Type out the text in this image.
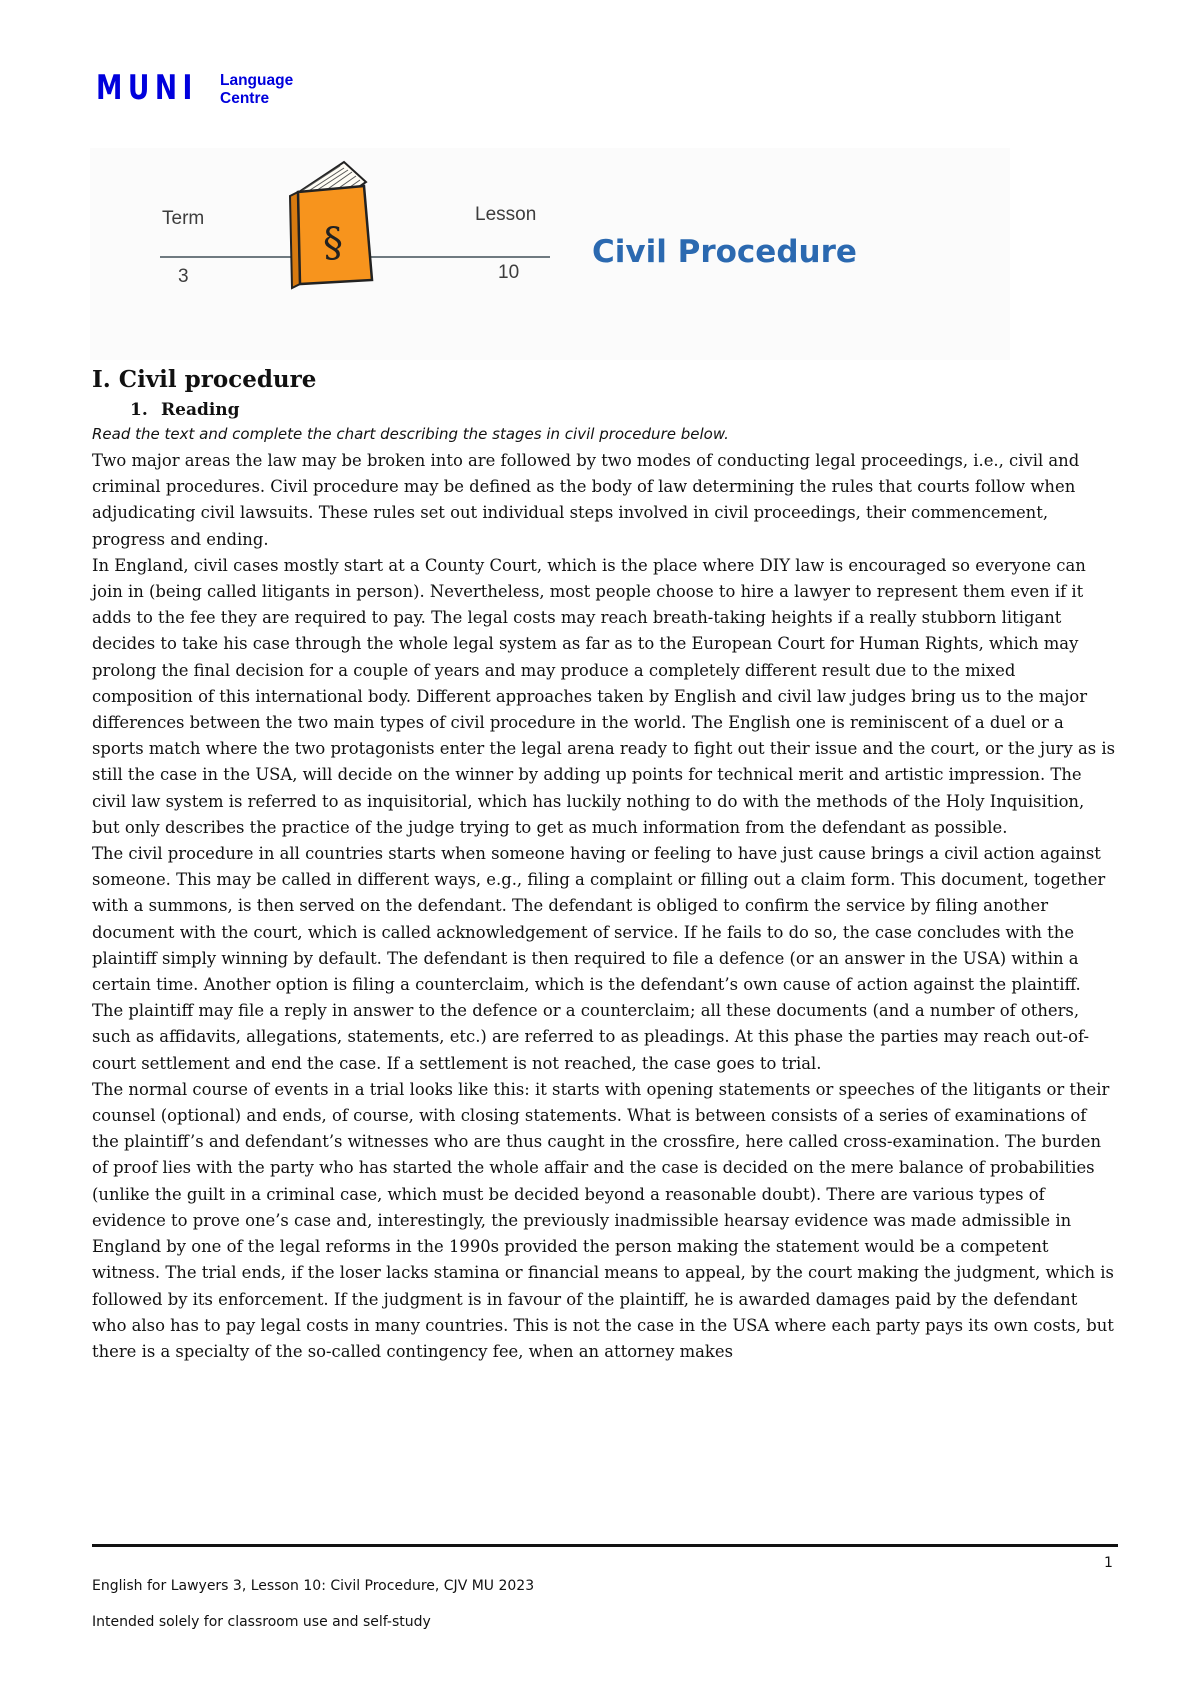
MUNI Language
Centre
Term
3
Lesson
10
§	Civil Procedure
I. Civil procedure
1. Reading
Read the text and complete the chart describing the stages in civil procedure below.

Two major areas the law may be broken into are followed by two modes of conducting legal proceedings, i.e., civil and criminal procedures. Civil procedure may be defined as the body of law determining the rules that courts follow when adjudicating civil lawsuits. These rules set out individual steps involved in civil proceedings, their commencement, progress and ending.

In England, civil cases mostly start at a County Court, which is the place where DIY law is encouraged so everyone can join in (being called litigants in person). Nevertheless, most people choose to hire a lawyer to represent them even if it adds to the fee they are required to pay. The legal costs may reach breath-taking heights if a really stubborn litigant decides to take his case through the whole legal system as far as to the European Court for Human Rights, which may prolong the final decision for a couple of years and may produce a completely different result due to the mixed composition of this international body. Different approaches taken by English and civil law judges bring us to the major differences between the two main types of civil procedure in the world. The English one is reminiscent of a duel or a sports match where the two protagonists enter the legal arena ready to fight out their issue and the court, or the jury as is still the case in the USA, will decide on the winner by adding up points for technical merit and artistic impression. The civil law system is referred to as inquisitorial, which has luckily nothing to do with the methods of the Holy Inquisition, but only describes the practice of the judge trying to get as much information from the defendant as possible.

The civil procedure in all countries starts when someone having or feeling to have just cause brings a civil action against someone. This may be called in different ways, e.g., filing a complaint or filling out a claim form. This document, together with a summons, is then served on the defendant. The defendant is obliged to confirm the service by filing another document with the court, which is called acknowledgement of service. If he fails to do so, the case concludes with the plaintiff simply winning by default. The defendant is then required to file a defence (or an answer in the USA) within a certain time. Another option is filing a counterclaim, which is the defendant’s own cause of action against the plaintiff. The plaintiff may file a reply in answer to the defence or a counterclaim; all these documents (and a number of others, such as affidavits, allegations, statements, etc.) are referred to as pleadings. At this phase the parties may reach out-of-court settlement and end the case. If a settlement is not reached, the case goes to trial.

The normal course of events in a trial looks like this: it starts with opening statements or speeches of the litigants or their counsel (optional) and ends, of course, with closing statements. What is between consists of a series of examinations of the plaintiff’s and defendant’s witnesses who are thus caught in the crossfire, here called cross-examination. The burden of proof lies with the party who has started the whole affair and the case is decided on the mere balance of probabilities (unlike the guilt in a criminal case, which must be decided beyond a reasonable doubt). There are various types of evidence to prove one’s case and, interestingly, the previously inadmissible hearsay evidence was made admissible in England by one of the legal reforms in the 1990s provided the person making the statement would be a competent witness. The trial ends, if the loser lacks stamina or financial means to appeal, by the court making the judgment, which is followed by its enforcement. If the judgment is in favour of the plaintiff, he is awarded damages paid by the defendant who also has to pay legal costs in many countries. This is not the case in the USA where each party pays its own costs, but there is a specialty of the so-called contingency fee, when an attorney makes

1
English for Lawyers 3, Lesson 10: Civil Procedure, CJV MU 2023
Intended solely for classroom use and self-study
